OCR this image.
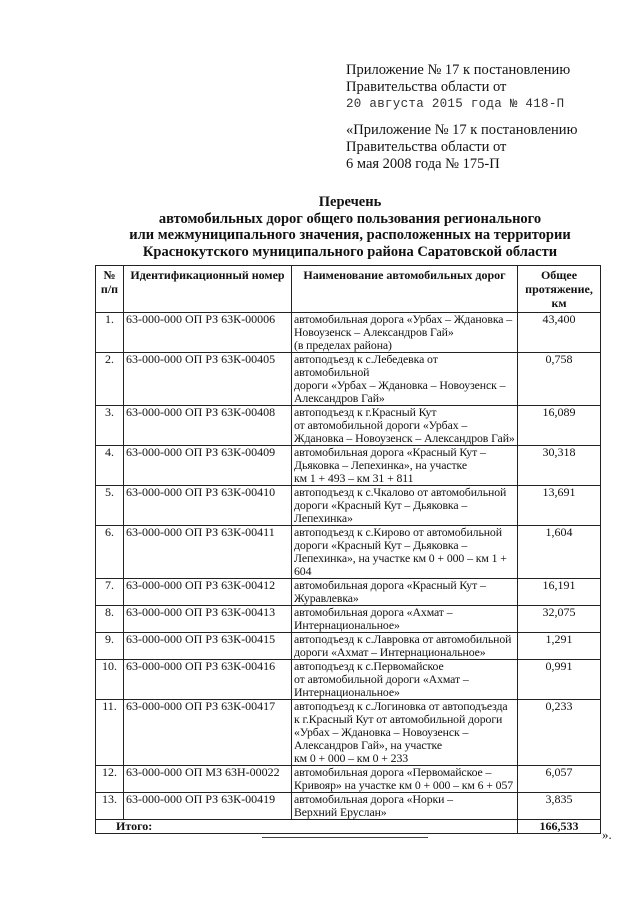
Приложение № 17 к постановлению
Правительства области от
20 августа 2015 года № 418-П
«Приложение № 17 к постановлению
Правительства области от
6 мая 2008 года № 175-П
Перечень
автомобильных дорог общего пользования регионального
или межмуниципального значения, расположенных на территории
Краснокутского муниципального района Саратовской области
№ п/п	Идентификационный номер	Наименование автомобильных дорог	Общее протяжение, км
1.	63-000-000 ОП РЗ 63К-00006	автомобильная дорога «Урбах – Ждановка –
Новоузенск – Александров Гай»
(в пределах района)	43,400
2.	63-000-000 ОП РЗ 63К-00405	автоподъезд к с.Лебедевка от автомобильной
дороги «Урбах – Ждановка – Новоузенск –
Александров Гай»	0,758
3.	63-000-000 ОП РЗ 63К-00408	автоподъезд к г.Красный Кут
от автомобильной дороги «Урбах –
Ждановка – Новоузенск – Александров Гай»	16,089
4.	63-000-000 ОП РЗ 63К-00409	автомобильная дорога «Красный Кут –
Дьяковка – Лепехинка», на участке
км 1 + 493 – км 31 + 811	30,318
5.	63-000-000 ОП РЗ 63К-00410	автоподъезд к с.Чкалово от автомобильной
дороги «Красный Кут – Дьяковка –
Лепехинка»	13,691
6.	63-000-000 ОП РЗ 63К-00411	автоподъезд к с.Кирово от автомобильной
дороги «Красный Кут – Дьяковка –
Лепехинка», на участке км 0 + 000 – км 1 + 604	1,604
7.	63-000-000 ОП РЗ 63К-00412	автомобильная дорога «Красный Кут –
Журавлевка»	16,191
8.	63-000-000 ОП РЗ 63К-00413	автомобильная дорога «Ахмат –
Интернациональное»	32,075
9.	63-000-000 ОП РЗ 63К-00415	автоподъезд к с.Лавровка от автомобильной
дороги «Ахмат – Интернациональное»	1,291
10.	63-000-000 ОП РЗ 63К-00416	автоподъезд к с.Первомайское
от автомобильной дороги «Ахмат –
Интернациональное»	0,991
11.	63-000-000 ОП РЗ 63К-00417	автоподъезд к с.Логиновка от автоподъезда
к г.Красный Кут от автомобильной дороги
«Урбах – Ждановка – Новоузенск –
Александров Гай», на участке
км 0 + 000 – км 0 + 233	0,233
12.	63-000-000 ОП МЗ 63Н-00022	автомобильная дорога «Первомайское –
Кривояр» на участке км 0 + 000 – км 6 + 057	6,057
13.	63-000-000 ОП РЗ 63К-00419	автомобильная дорога «Норки –
Верхний Еруслан»	3,835
Итого:			166,533
».
